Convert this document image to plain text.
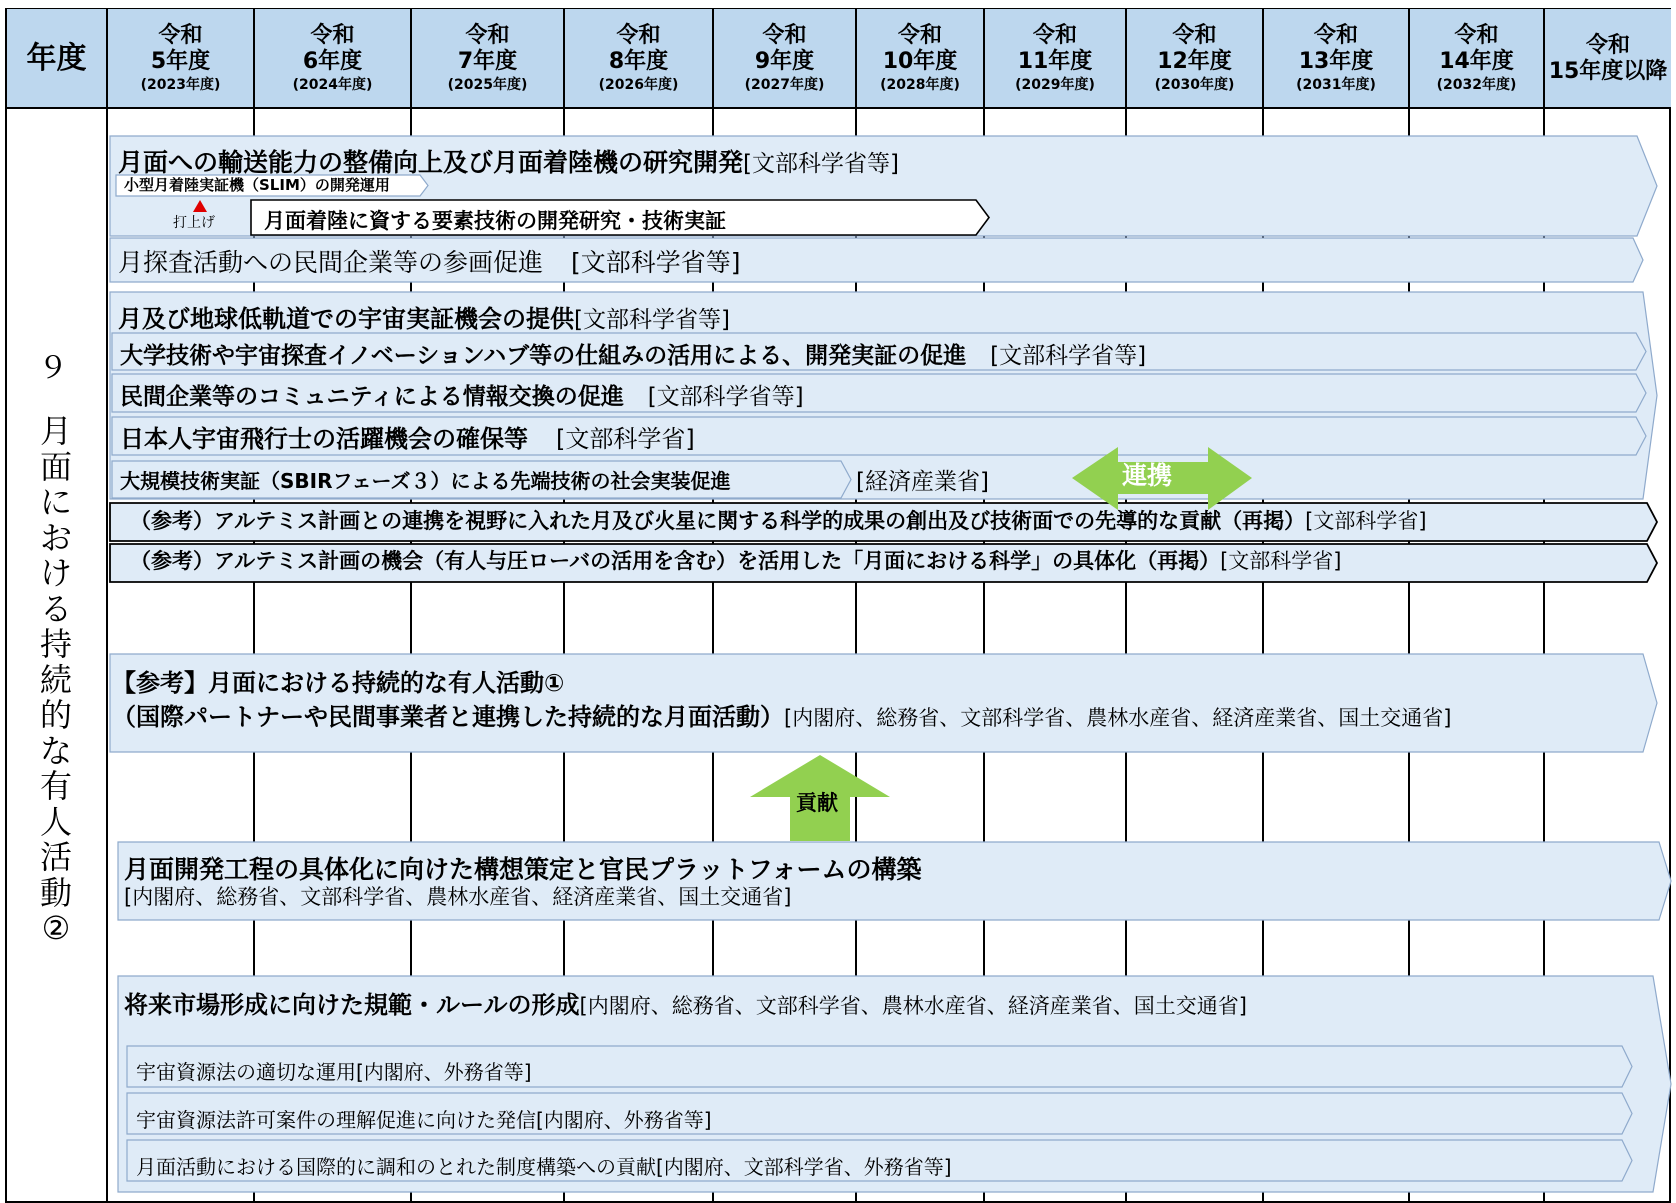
年度
令和
5年度
(2023年度)
令和
6年度
(2024年度)
令和
7年度
(2025年度)
令和
8年度
(2026年度)
令和
9年度
(2027年度)
令和
10年度
(2028年度)
令和
11年度
(2029年度)
令和
12年度
(2030年度)
令和
13年度
(2031年度)
令和
14年度
(2032年度)
令和
15年度以降
９
月
面
に
お
け
る
持
続
的
な
有
人
活
動
②
月面への輸送能力の整備向上及び月面着陸機の研究開発[文部科学省等]
小型月着陸実証機（SLIM）の開発運用
打上げ 月面着陸に資する要素技術の開発研究・技術実証
月探査活動への民間企業等の参画促進 [文部科学省等]
月及び地球低軌道での宇宙実証機会の提供[文部科学省等]
大学技術や宇宙探査イノベーションハブ等の仕組みの活用による、開発実証の促進 [文部科学省等]
民間企業等のコミュニティによる情報交換の促進 [文部科学省等]
日本人宇宙飛行士の活躍機会の確保等 [文部科学省]
大規模技術実証（SBIRフェーズ３）による先端技術の社会実装促進	[経済産業省]	連携
（参考）アルテミス計画との連携を視野に入れた月及び火星に関する科学的成果の創出及び技術面での先導的な貢献（再掲）[文部科学省]
（参考）アルテミス計画の機会（有人与圧ローバの活用を含む）を活用した「月面における科学」の具体化（再掲）[文部科学省]
【参考】月面における持続的な有人活動①
（国際パートナーや民間事業者と連携した持続的な月面活動）[内閣府、総務省、文部科学省、農林水産省、経済産業省、国土交通省]
貢献
月面開発工程の具体化に向けた構想策定と官民プラットフォームの構築
[内閣府、総務省、文部科学省、農林水産省、経済産業省、国土交通省]
将来市場形成に向けた規範・ルールの形成[内閣府、総務省、文部科学省、農林水産省、経済産業省、国土交通省]
宇宙資源法の適切な運用[内閣府、外務省等]
宇宙資源法許可案件の理解促進に向けた発信[内閣府、外務省等]
月面活動における国際的に調和のとれた制度構築への貢献[内閣府、文部科学省、外務省等]
